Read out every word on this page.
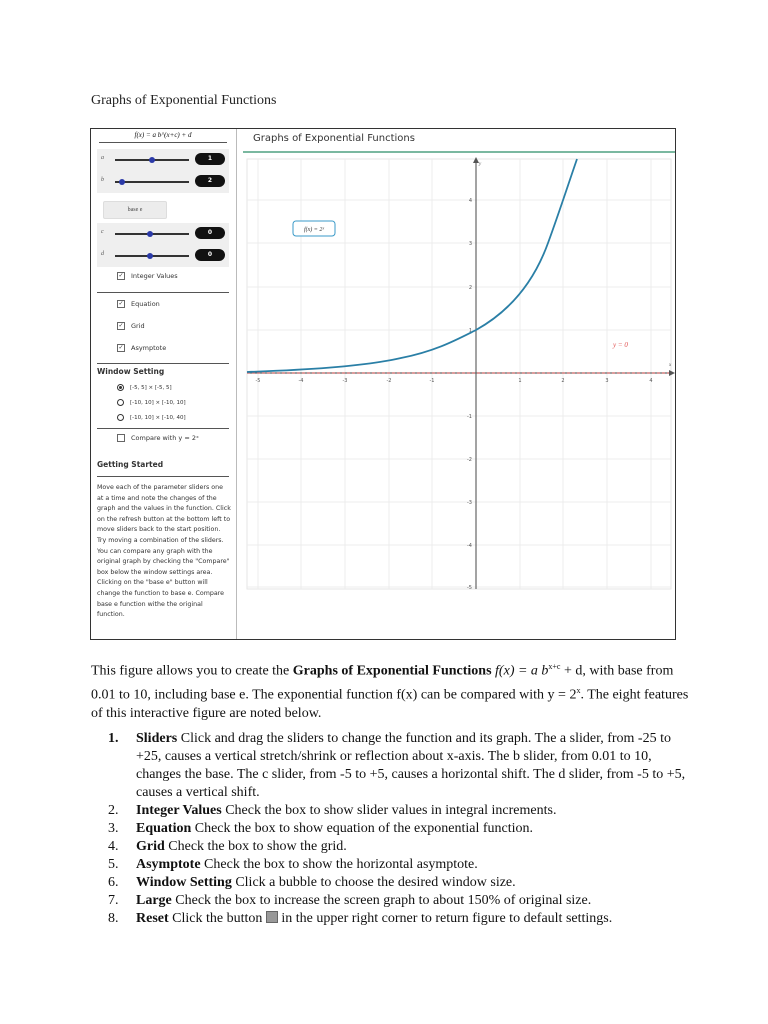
Graphs of Exponential Functions
f(x) = a b^(x+c) + d
a	1
b	2
base e
c	0
d	0
✓ Integer Values
✓ Equation
✓ Grid
✓ Asymptote
Window Setting
[-5, 5] × [-5, 5]
[-10, 10] × [-10, 10]
[-10, 10] × [-10, 40]
Compare with y = 2ˣ
Getting Started
Move each of the parameter sliders one at a time and note the changes of the graph and the values in the function. Click on the refresh button at the bottom left to move sliders back to the start position. Try moving a combination of the sliders. You can compare any graph with the original graph by checking the "Compare" box below the window settings area. Clicking on the "base e" button will change the function to base e. Compare base e function withe the original function.
Graphs of Exponential Functions
y
x
-5	-4	-3	-2	-1	1	2	3	4
4
3
2
1
-1
-2
-3
-4
-5
f(x) = 2ˣ
y = 0
This figure allows you to create the Graphs of Exponential Functions f(x) = a $b^{x+c} + d$, with base from 0.01 to 10, including base e. The exponential function f(x) can be compared with $y = 2^x$. The eight features of this interactive figure are noted below.
1. Sliders Click and drag the sliders to change the function and its graph. The a slider, from -25 to +25, causes a vertical stretch/shrink or reflection about x-axis. The b slider, from 0.01 to 10, changes the base. The c slider, from -5 to +5, causes a horizontal shift. The d slider, from -5 to +5, causes a vertical shift.
2. Integer Values Check the box to show slider values in integral increments.
3. Equation Check the box to show equation of the exponential function.
4. Grid Check the box to show the grid.
5. Asymptote Check the box to show the horizontal asymptote.
6. Window Setting Click a bubble to choose the desired window size.
7. Large Check the box to increase the screen graph to about 150% of original size.
8. Reset Click the button  in the upper right corner to return figure to default settings.
